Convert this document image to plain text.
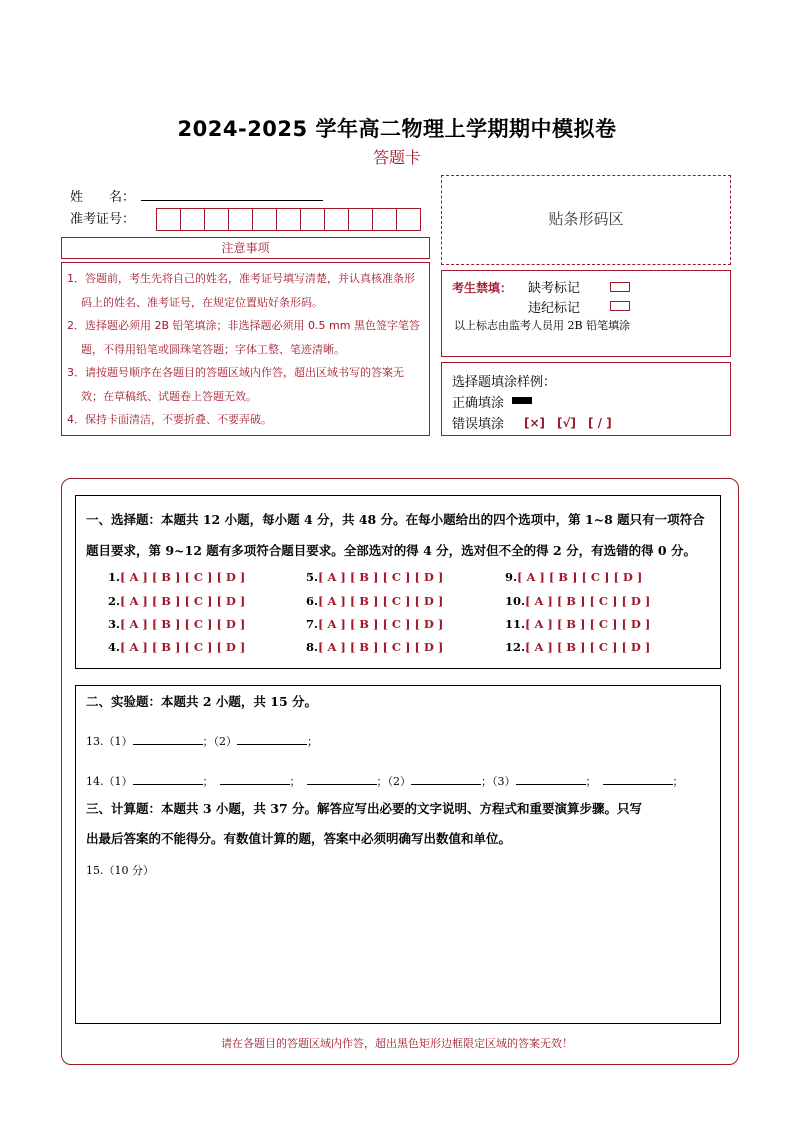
2024-2025 学年高二物理上学期期中模拟卷
答题卡
姓　　名：
准考证号：
注意事项
1．答题前，考生先将自己的姓名，准考证号填写清楚，并认真核准条形码上的姓名、准考证号，在规定位置贴好条形码。
2．选择题必须用 2B 铅笔填涂；非选择题必须用 0.5 mm 黑色签字笔答题，不得用铅笔或圆珠笔答题；字体工整、笔迹清晰。
3．请按题号顺序在各题目的答题区域内作答，超出区域书写的答案无效；在草稿纸、试题卷上答题无效。
4．保持卡面清洁，不要折叠、不要弄破。
贴条形码区
考生禁填： 缺考标记
违纪标记
以上标志由监考人员用 2B 铅笔填涂
选择题填涂样例：
正确填涂
错误填涂 [×]　[√]　[ / ]
一、选择题：本题共 12 小题，每小题 4 分，共 48 分。在每小题给出的四个选项中，第 1~8 题只有一项符合
题目要求，第 9~12 题有多项符合题目要求。全部选对的得 4 分，选对但不全的得 2 分，有选错的得 0 分。
1.[ A ] [ B ] [ C ] [ D ]
2.[ A ] [ B ] [ C ] [ D ]
3.[ A ] [ B ] [ C ] [ D ]
4.[ A ] [ B ] [ C ] [ D ]
5.[ A ] [ B ] [ C ] [ D ]
6.[ A ] [ B ] [ C ] [ D ]
7.[ A ] [ B ] [ C ] [ D ]
8.[ A ] [ B ] [ C ] [ D ]
9.[ A ] [ B ] [ C ] [ D ]
10.[ A ] [ B ] [ C ] [ D ]
11.[ A ] [ B ] [ C ] [ D ]
12.[ A ] [ B ] [ C ] [ D ]
二、实验题：本题共 2 小题，共 15 分。
13.（1）	；（2）	；
14.（1）	；	；	；（2）	；（3）	；	；
三、计算题：本题共 3 小题，共 37 分。解答应写出必要的文字说明、方程式和重要演算步骤。只写
出最后答案的不能得分。有数值计算的题，答案中必须明确写出数值和单位。
15.（10 分）
请在各题目的答题区域内作答，超出黑色矩形边框限定区域的答案无效！
